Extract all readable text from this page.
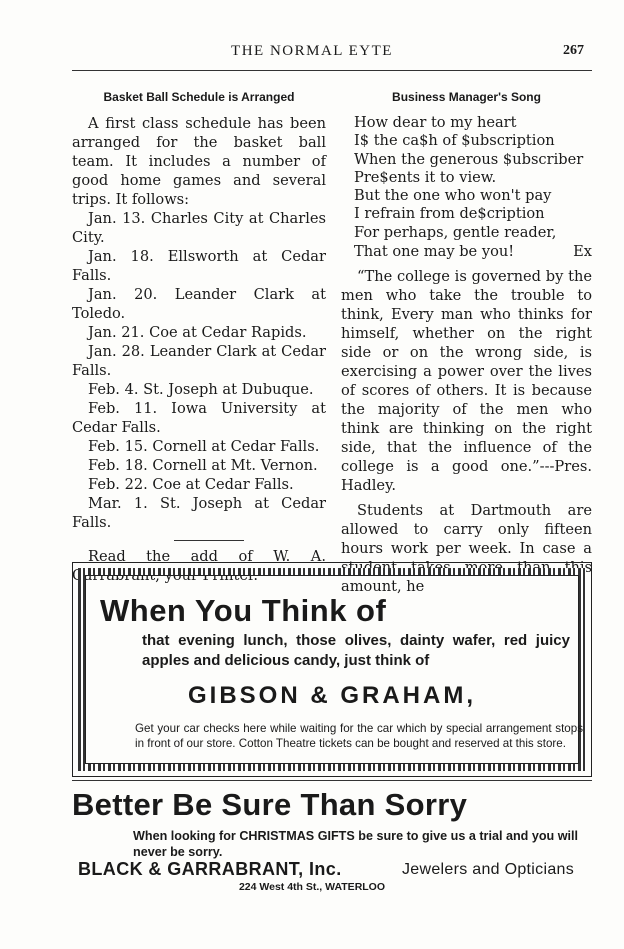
THE NORMAL EYTE	267

Basket Ball Schedule is Arranged

A first class schedule has been arranged for the basket ball team. It includes a number of good home games and several trips. It follows:

Jan. 13. Charles City at Charles City.

Jan. 18. Ellsworth at Cedar Falls.

Jan. 20. Leander Clark at Toledo.

Jan. 21. Coe at Cedar Rapids.

Jan. 28. Leander Clark at Cedar Falls.

Feb. 4. St. Joseph at Dubuque.

Feb. 11. Iowa University at Cedar Falls.

Feb. 15. Cornell at Cedar Falls.

Feb. 18. Cornell at Mt. Vernon.

Feb. 22. Coe at Cedar Falls.

Mar. 1. St. Joseph at Cedar Falls.

Read the add of W. A. Garrabrant, your Printer.

Business Manager's Song

How dear to my heart

I$ the ca$h of $ubscription

When the generous $ubscriber

Pre$ents it to view.

But the one who won't pay

I refrain from de$cription

For perhaps, gentle reader,

That one may be you!	Ex

“The college is governed by the men who take the trouble to think, Every man who thinks for himself, whether on the right side or on the wrong side, is exercising a power over the lives of scores of others. It is because the majority of the men who think are thinking on the right side, that the influence of the college is a good one.”---Pres. Hadley.

Students at Dartmouth are allowed to carry only fifteen hours work per week. In case a student takes more than this amount, he

When You Think of
that evening lunch, those olives, dainty wafer, red juicy apples and delicious candy, just think of
GIBSON & GRAHAM,
Get your car checks here while waiting for the car which by special arrangement stops in front of our store. Cotton Theatre tickets can be bought and reserved at this store.
Better Be Sure Than Sorry
When looking for CHRISTMAS GIFTS be sure to give us a trial and you will never be sorry.
BLACK & GARRABRANT, Inc.	Jewelers and Opticians
224 West 4th St., WATERLOO
